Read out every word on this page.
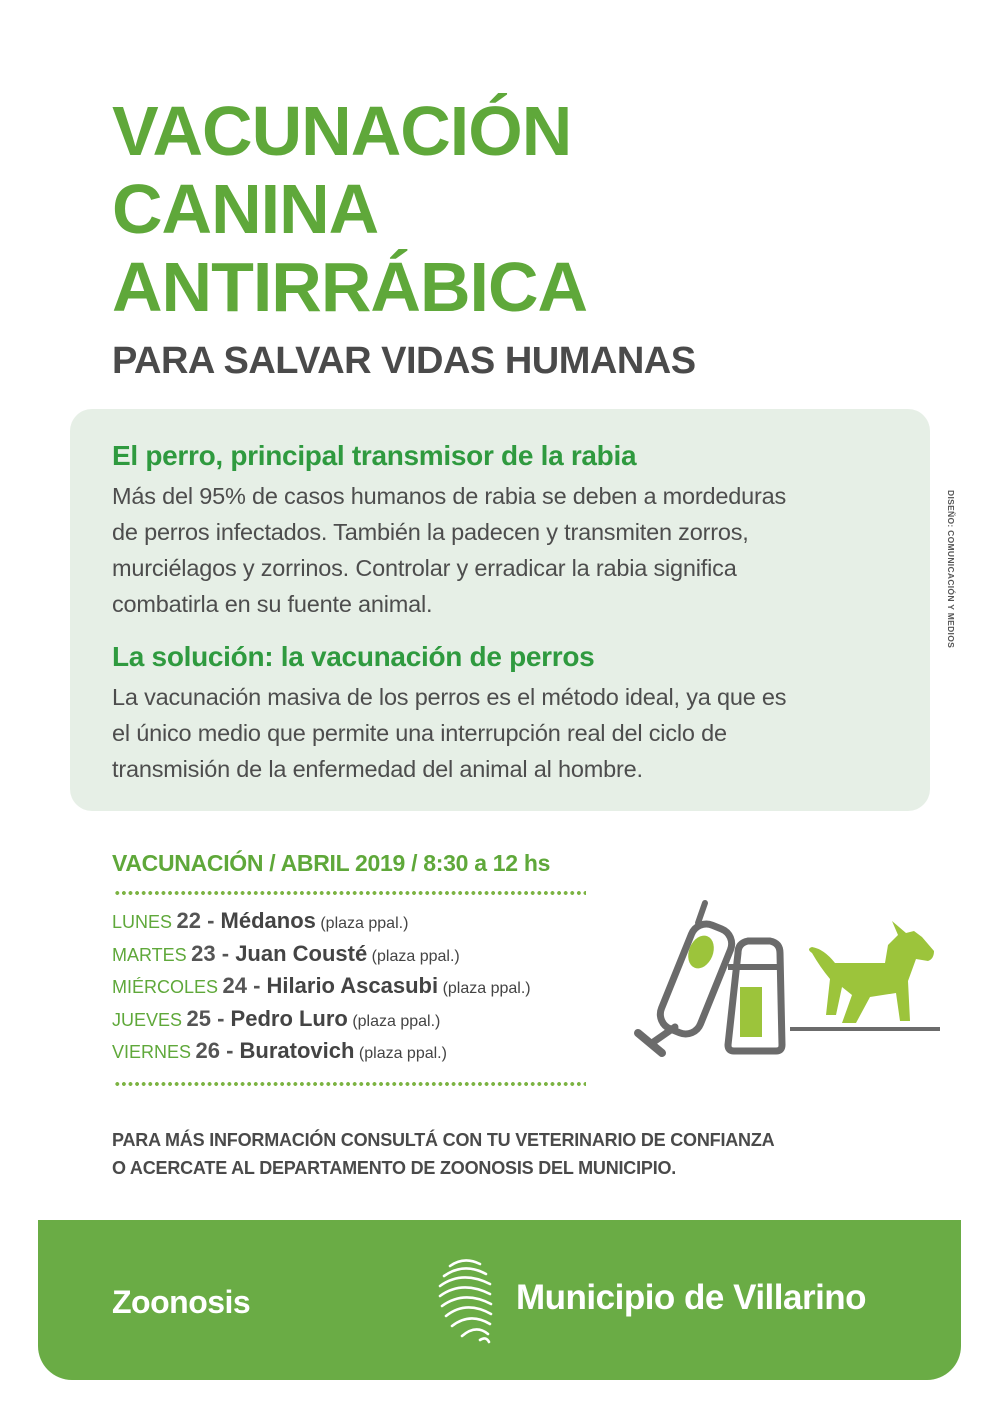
VACUNACIÓN
CANINA
ANTIRRÁBICA
PARA SALVAR VIDAS HUMANAS
El perro, principal transmisor de la rabia
Más del 95% de casos humanos de rabia se deben a mordeduras
de perros infectados. También la padecen y transmiten zorros,
murciélagos y zorrinos. Controlar y erradicar la rabia significa
combatirla en su fuente animal.
La solución: la vacunación de perros
La vacunación masiva de los perros es el método ideal, ya que es
el único medio que permite una interrupción real del ciclo de
transmisión de la enfermedad del animal al hombre.
DISEÑO: COMUNICACIÓN Y MEDIOS
VACUNACIÓN / ABRIL 2019 / 8:30 a 12 hs
LUNES 22 - Médanos (plaza ppal.)
MARTES 23 - Juan Cousté (plaza ppal.)
MIÉRCOLES 24 - Hilario Ascasubi (plaza ppal.)
JUEVES 25 - Pedro Luro (plaza ppal.)
VIERNES 26 - Buratovich (plaza ppal.)
PARA MÁS INFORMACIÓN CONSULTÁ CON TU VETERINARIO DE CONFIANZA
O ACERCATE AL DEPARTAMENTO DE ZOONOSIS DEL MUNICIPIO.
Zoonosis	Municipio de Villarino
